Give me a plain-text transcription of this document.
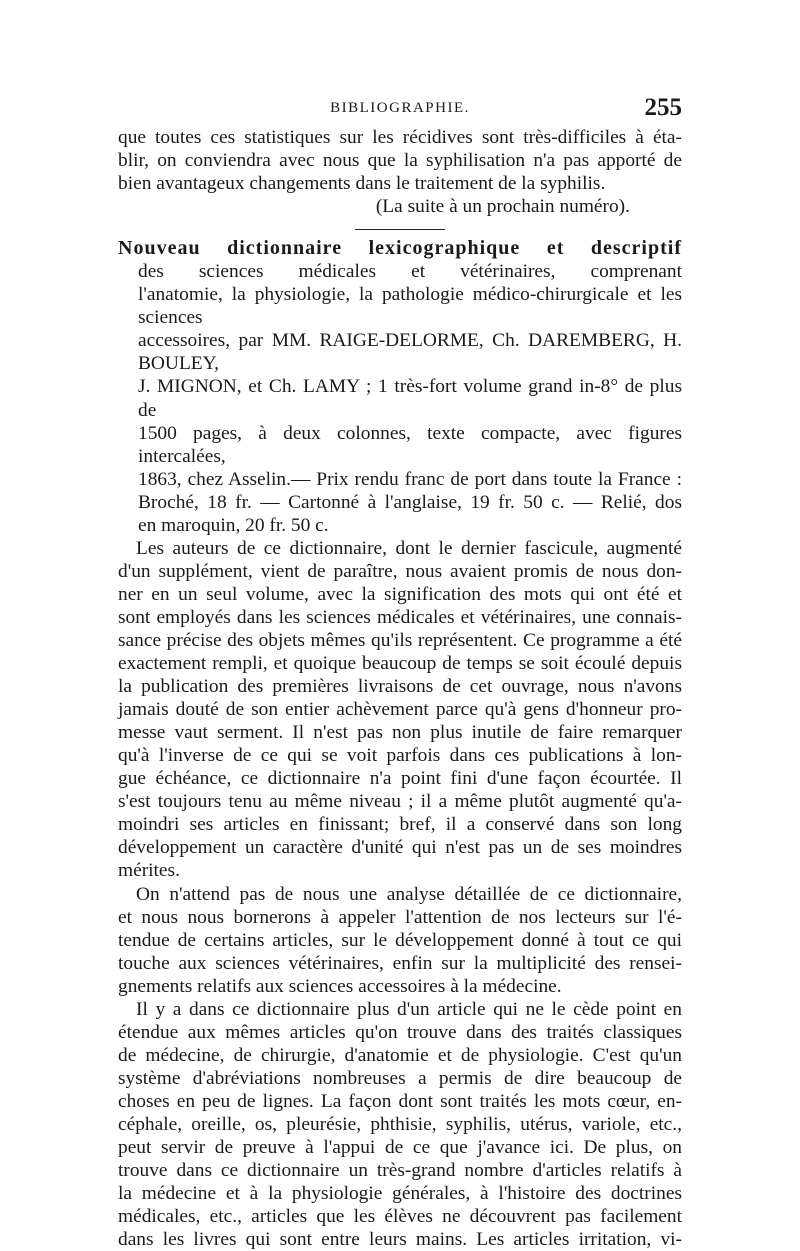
BIBLIOGRAPHIE.	255
que toutes ces statistiques sur les récidives sont très-difficiles à éta-
blir, on conviendra avec nous que la syphilisation n'a pas apporté de
bien avantageux changements dans le traitement de la syphilis.
(La suite à un prochain numéro).
Nouveau dictionnaire lexicographique et descriptif
des sciences médicales et vétérinaires, comprenant
l'anatomie, la physiologie, la pathologie médico-chirurgicale et les sciences
accessoires, par MM. RAIGE-DELORME, Ch. DAREMBERG, H. BOULEY,
J. MIGNON, et Ch. LAMY ; 1 très-fort volume grand in-8° de plus de
1500 pages, à deux colonnes, texte compacte, avec figures intercalées,
1863, chez Asselin.— Prix rendu franc de port dans toute la France :
Broché, 18 fr. — Cartonné à l'anglaise, 19 fr. 50 c. — Relié, dos
en maroquin, 20 fr. 50 c.
Les auteurs de ce dictionnaire, dont le dernier fascicule, augmenté
d'un supplément, vient de paraître, nous avaient promis de nous don-
ner en un seul volume, avec la signification des mots qui ont été et
sont employés dans les sciences médicales et vétérinaires, une connais-
sance précise des objets mêmes qu'ils représentent. Ce programme a été
exactement rempli, et quoique beaucoup de temps se soit écoulé depuis
la publication des premières livraisons de cet ouvrage, nous n'avons
jamais douté de son entier achèvement parce qu'à gens d'honneur pro-
messe vaut serment. Il n'est pas non plus inutile de faire remarquer
qu'à l'inverse de ce qui se voit parfois dans ces publications à lon-
gue échéance, ce dictionnaire n'a point fini d'une façon écourtée. Il
s'est toujours tenu au même niveau ; il a même plutôt augmenté qu'a-
moindri ses articles en finissant; bref, il a conservé dans son long
développement un caractère d'unité qui n'est pas un de ses moindres
mérites.
On n'attend pas de nous une analyse détaillée de ce dictionnaire,
et nous nous bornerons à appeler l'attention de nos lecteurs sur l'é-
tendue de certains articles, sur le développement donné à tout ce qui
touche aux sciences vétérinaires, enfin sur la multiplicité des rensei-
gnements relatifs aux sciences accessoires à la médecine.
Il y a dans ce dictionnaire plus d'un article qui ne le cède point en
étendue aux mêmes articles qu'on trouve dans des traités classiques
de médecine, de chirurgie, d'anatomie et de physiologie. C'est qu'un
système d'abréviations nombreuses a permis de dire beaucoup de
choses en peu de lignes. La façon dont sont traités les mots cœur, en-
céphale, oreille, os, pleurésie, phthisie, syphilis, utérus, variole, etc.,
peut servir de preuve à l'appui de ce que j'avance ici. De plus, on
trouve dans ce dictionnaire un très-grand nombre d'articles relatifs à
la médecine et à la physiologie générales, à l'histoire des doctrines
médicales, etc., articles que les élèves ne découvrent pas facilement
dans les livres qui sont entre leurs mains. Les articles irritation, vi-
